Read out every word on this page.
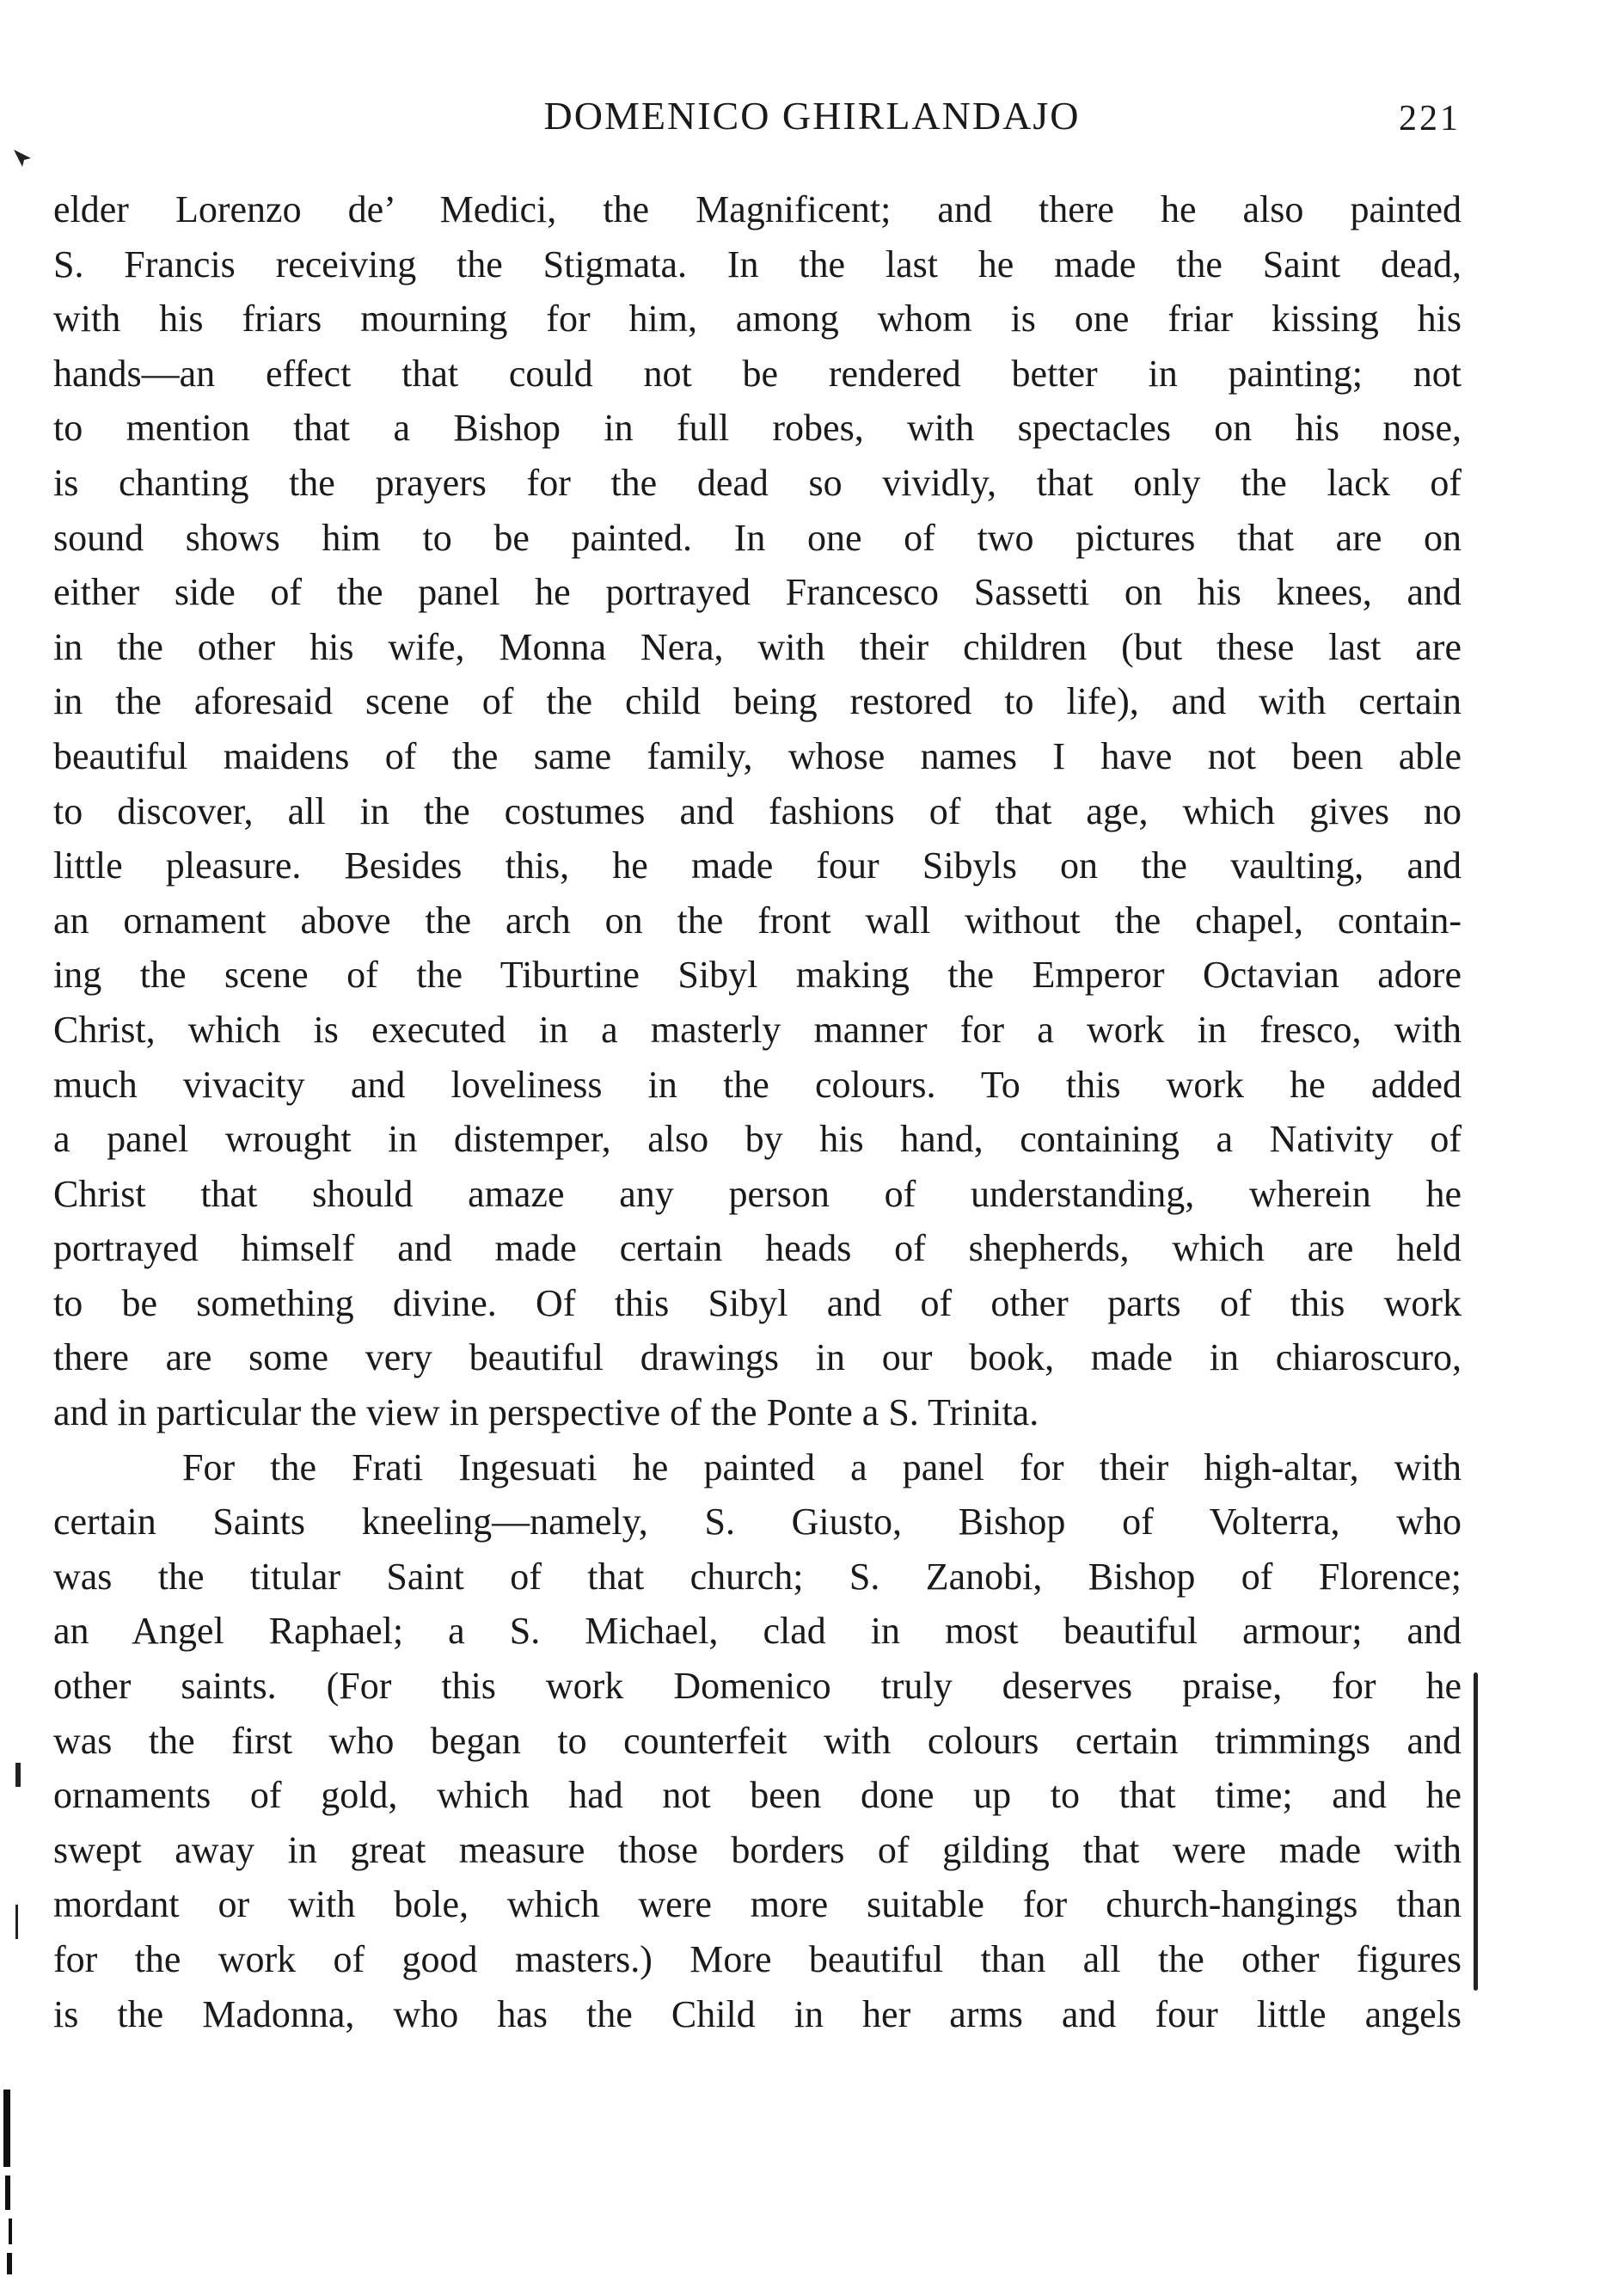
DOMENICO GHIRLANDAJO	221
elder Lorenzo de’ Medici, the Magnificent; and there he also painted
S. Francis receiving the Stigmata. In the last he made the Saint dead,
with his friars mourning for him, among whom is one friar kissing his
hands—an effect that could not be rendered better in painting; not
to mention that a Bishop in full robes, with spectacles on his nose,
is chanting the prayers for the dead so vividly, that only the lack of
sound shows him to be painted. In one of two pictures that are on
either side of the panel he portrayed Francesco Sassetti on his knees, and
in the other his wife, Monna Nera, with their children (but these last are
in the aforesaid scene of the child being restored to life), and with certain
beautiful maidens of the same family, whose names I have not been able
to discover, all in the costumes and fashions of that age, which gives no
little pleasure. Besides this, he made four Sibyls on the vaulting, and
an ornament above the arch on the front wall without the chapel, contain-
ing the scene of the Tiburtine Sibyl making the Emperor Octavian adore
Christ, which is executed in a masterly manner for a work in fresco, with
much vivacity and loveliness in the colours. To this work he added
a panel wrought in distemper, also by his hand, containing a Nativity of
Christ that should amaze any person of understanding, wherein he
portrayed himself and made certain heads of shepherds, which are held
to be something divine. Of this Sibyl and of other parts of this work
there are some very beautiful drawings in our book, made in chiaroscuro,
and in particular the view in perspective of the Ponte a S. Trinita.
For the Frati Ingesuati he painted a panel for their high-altar, with
certain Saints kneeling—namely, S. Giusto, Bishop of Volterra, who
was the titular Saint of that church; S. Zanobi, Bishop of Florence;
an Angel Raphael; a S. Michael, clad in most beautiful armour; and
other saints. (For this work Domenico truly deserves praise, for he
was the first who began to counterfeit with colours certain trimmings and
ornaments of gold, which had not been done up to that time; and he
swept away in great measure those borders of gilding that were made with
mordant or with bole, which were more suitable for church-hangings than
for the work of good masters.) More beautiful than all the other figures
is the Madonna, who has the Child in her arms and four little angels
